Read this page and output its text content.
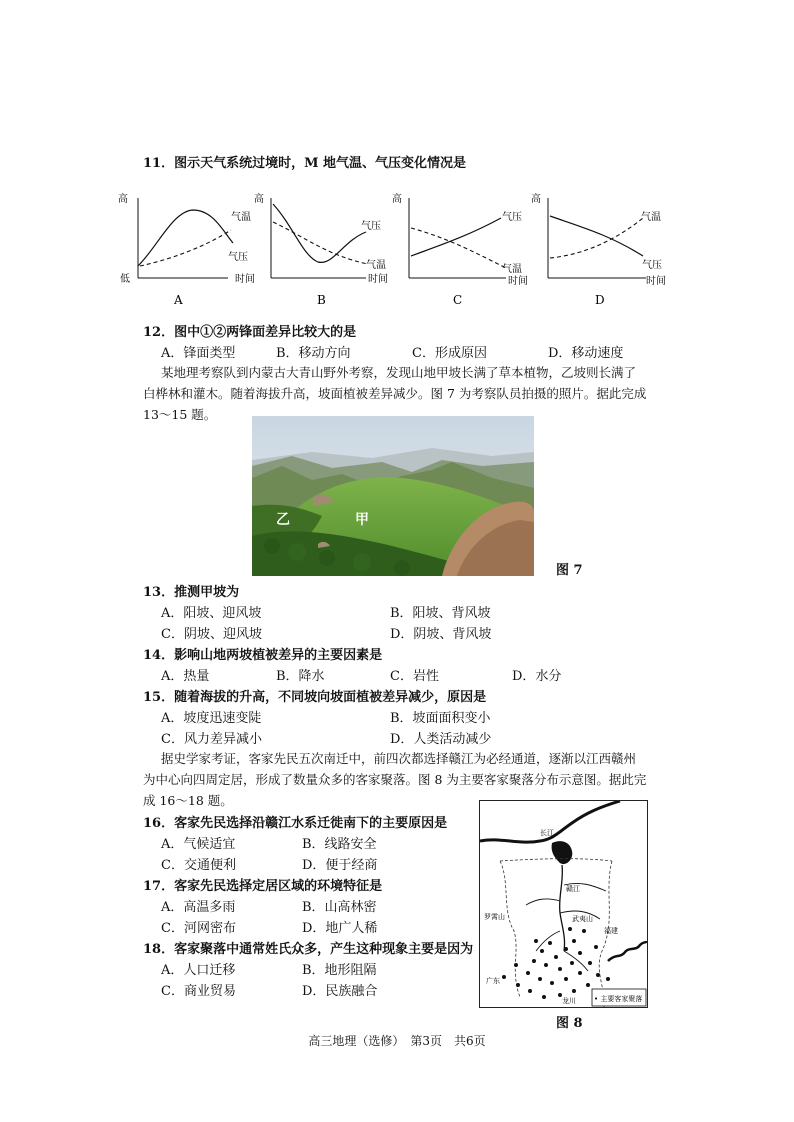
11．图示天气系统过境时，M 地气温、气压变化情况是
高
低
气温
气压
时间
高
气压
气温
时间
高
气压
气温
时间
高
气温
气压
时间
A	B	C	D
12．图中①②两锋面差异比较大的是
A．锋面类型	B．移动方向	C．形成原因	D．移动速度
某地理考察队到内蒙古大青山野外考察，发现山地甲坡长满了草本植物，乙坡则长满了
白桦林和灌木。随着海拔升高，坡面植被差异减少。图 7 为考察队员拍摄的照片。据此完成
13～15 题。
乙	甲
图 7
13．推测甲坡为
A．阳坡、迎风坡	B．阳坡、背风坡
C．阴坡、迎风坡	D．阴坡、背风坡
14．影响山地两坡植被差异的主要因素是
A．热量	B．降水	C．岩性	D．水分
15．随着海拔的升高，不同坡向坡面植被差异减少，原因是
A．坡度迅速变陡	B．坡面面积变小
C．风力差异减小	D．人类活动减少
据史学家考证，客家先民五次南迁中，前四次都选择赣江为必经通道，逐渐以江西赣州
为中心向四周定居，形成了数量众多的客家聚落。图 8 为主要客家聚落分布示意图。据此完
成 16～18 题。
16．客家先民选择沿赣江水系迁徙南下的主要原因是
A．气候适宜	B．线路安全
C．交通便利	D．便于经商
17．客家先民选择定居区域的环境特征是
A．高温多雨	B．山高林密
C．河网密布	D．地广人稀
18．客家聚落中通常姓氏众多，产生这种现象主要是因为
A．人口迁移	B．地形阻隔
C．商业贸易	D．民族融合	• 主要客家聚落
长江
赣江
罗霄山	武夷山
广东
福建
龙川
图 8
高三地理（选修）　第3页　共6页
